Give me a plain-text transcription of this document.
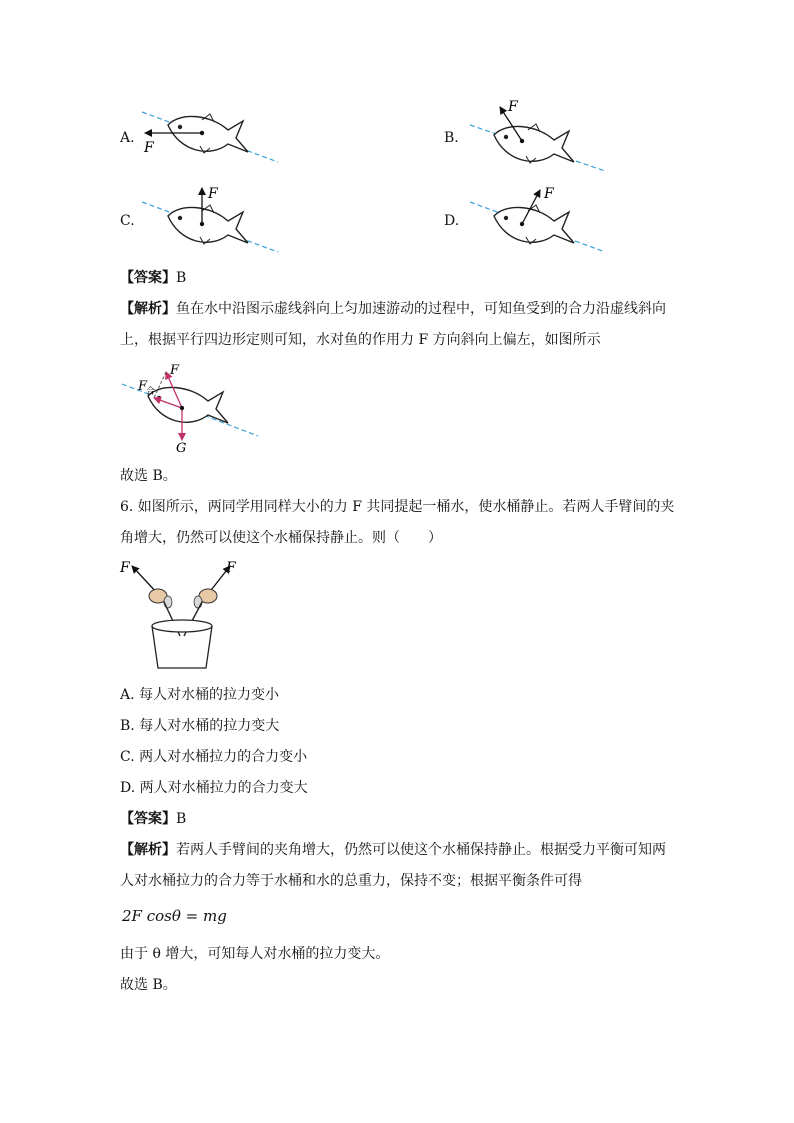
A.
F
B.
F
C.
F
D.
F
【答案】B
【解析】鱼在水中沿图示虚线斜向上匀加速游动的过程中，可知鱼受到的合力沿虚线斜向
上，根据平行四边形定则可知，水对鱼的作用力 F 方向斜向上偏左，如图所示
F
F
合
G
故选 B。
6. 如图所示，两同学用同样大小的力 F 共同提起一桶水，使水桶静止。若两人手臂间的夹
角增大，仍然可以使这个水桶保持静止。则（　　）
F	F
A. 每人对水桶的拉力变小
B. 每人对水桶的拉力变大
C. 两人对水桶拉力的合力变小
D. 两人对水桶拉力的合力变大
【答案】B
【解析】若两人手臂间的夹角增大，仍然可以使这个水桶保持静止。根据受力平衡可知两
人对水桶拉力的合力等于水桶和水的总重力，保持不变；根据平衡条件可得
2F cosθ = mg
由于 θ 增大，可知每人对水桶的拉力变大。
故选 B。
